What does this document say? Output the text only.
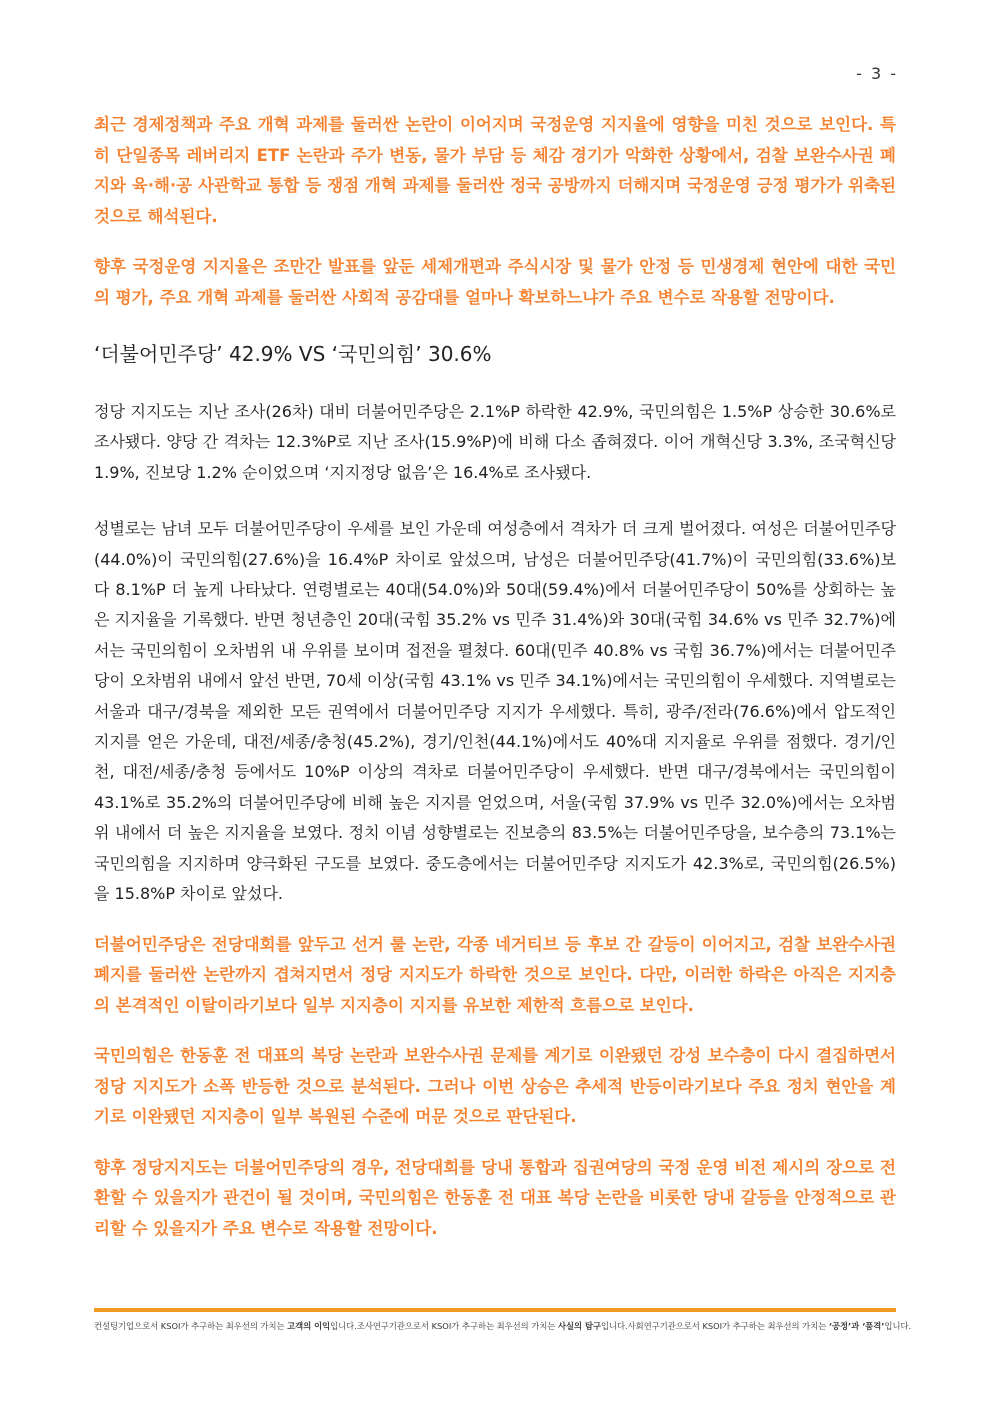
- 3 -

최근 경제정책과 주요 개혁 과제를 둘러싼 논란이 이어지며 국정운영 지지율에 영향을 미친 것으로 보인다. 특히 단일종목 레버리지 ETF 논란과 주가 변동, 물가 부담 등 체감 경기가 악화한 상황에서, 검찰 보완수사권 폐지와 육·해·공 사관학교 통합 등 쟁점 개혁 과제를 둘러싼 정국 공방까지 더해지며 국정운영 긍정 평가가 위축된 것으로 해석된다.

향후 국정운영 지지율은 조만간 발표를 앞둔 세제개편과 주식시장 및 물가 안정 등 민생경제 현안에 대한 국민의 평가, 주요 개혁 과제를 둘러싼 사회적 공감대를 얼마나 확보하느냐가 주요 변수로 작용할 전망이다.

‘더불어민주당’ 42.9% VS ‘국민의힘’ 30.6%

정당 지지도는 지난 조사(26차) 대비 더불어민주당은 2.1%P 하락한 42.9%, 국민의힘은 1.5%P 상승한 30.6%로 조사됐다. 양당 간 격차는 12.3%P로 지난 조사(15.9%P)에 비해 다소 좁혀졌다. 이어 개혁신당 3.3%, 조국혁신당 1.9%, 진보당 1.2% 순이었으며 ‘지지정당 없음’은 16.4%로 조사됐다.

성별로는 남녀 모두 더불어민주당이 우세를 보인 가운데 여성층에서 격차가 더 크게 벌어졌다. 여성은 더불어민주당(44.0%)이 국민의힘(27.6%)을 16.4%P 차이로 앞섰으며, 남성은 더불어민주당(41.7%)이 국민의힘(33.6%)보다 8.1%P 더 높게 나타났다. 연령별로는 40대(54.0%)와 50대(59.4%)에서 더불어민주당이 50%를 상회하는 높은 지지율을 기록했다. 반면 청년층인 20대(국힘 35.2% vs 민주 31.4%)와 30대(국힘 34.6% vs 민주 32.7%)에서는 국민의힘이 오차범위 내 우위를 보이며 접전을 펼쳤다. 60대(민주 40.8% vs 국힘 36.7%)에서는 더불어민주당이 오차범위 내에서 앞선 반면, 70세 이상(국힘 43.1% vs 민주 34.1%)에서는 국민의힘이 우세했다. 지역별로는 서울과 대구/경북을 제외한 모든 권역에서 더불어민주당 지지가 우세했다. 특히, 광주/전라(76.6%)에서 압도적인 지지를 얻은 가운데, 대전/세종/충청(45.2%), 경기/인천(44.1%)에서도 40%대 지지율로 우위를 점했다. 경기/인천, 대전/세종/충청 등에서도 10%P 이상의 격차로 더불어민주당이 우세했다. 반면 대구/경북에서는 국민의힘이 43.1%로 35.2%의 더불어민주당에 비해 높은 지지를 얻었으며, 서울(국힘 37.9% vs 민주 32.0%)에서는 오차범위 내에서 더 높은 지지율을 보였다. 정치 이념 성향별로는 진보층의 83.5%는 더불어민주당을, 보수층의 73.1%는 국민의힘을 지지하며 양극화된 구도를 보였다. 중도층에서는 더불어민주당 지지도가 42.3%로, 국민의힘(26.5%)을 15.8%P 차이로 앞섰다.

더불어민주당은 전당대회를 앞두고 선거 룰 논란, 각종 네거티브 등 후보 간 갈등이 이어지고, 검찰 보완수사권 폐지를 둘러싼 논란까지 겹쳐지면서 정당 지지도가 하락한 것으로 보인다. 다만, 이러한 하락은 아직은 지지층의 본격적인 이탈이라기보다 일부 지지층이 지지를 유보한 제한적 흐름으로 보인다.

국민의힘은 한동훈 전 대표의 복당 논란과 보완수사권 문제를 계기로 이완됐던 강성 보수층이 다시 결집하면서 정당 지지도가 소폭 반등한 것으로 분석된다. 그러나 이번 상승은 추세적 반등이라기보다 주요 정치 현안을 계기로 이완됐던 지지층이 일부 복원된 수준에 머문 것으로 판단된다.

향후 정당지지도는 더불어민주당의 경우, 전당대회를 당내 통합과 집권여당의 국정 운영 비전 제시의 장으로 전환할 수 있을지가 관건이 될 것이며, 국민의힘은 한동훈 전 대표 복당 논란을 비롯한 당내 갈등을 안정적으로 관리할 수 있을지가 주요 변수로 작용할 전망이다.

컨설팅기업으로서 KSOI가 추구하는 최우선의 가치는 고객의 이익입니다. 조사연구기관으로서 KSOI가 추구하는 최우선의 가치는 사실의 탐구입니다. 사회연구기관으로서 KSOI가 추구하는 최우선의 가치는 ‘공정’과 ‘품격’입니다.
